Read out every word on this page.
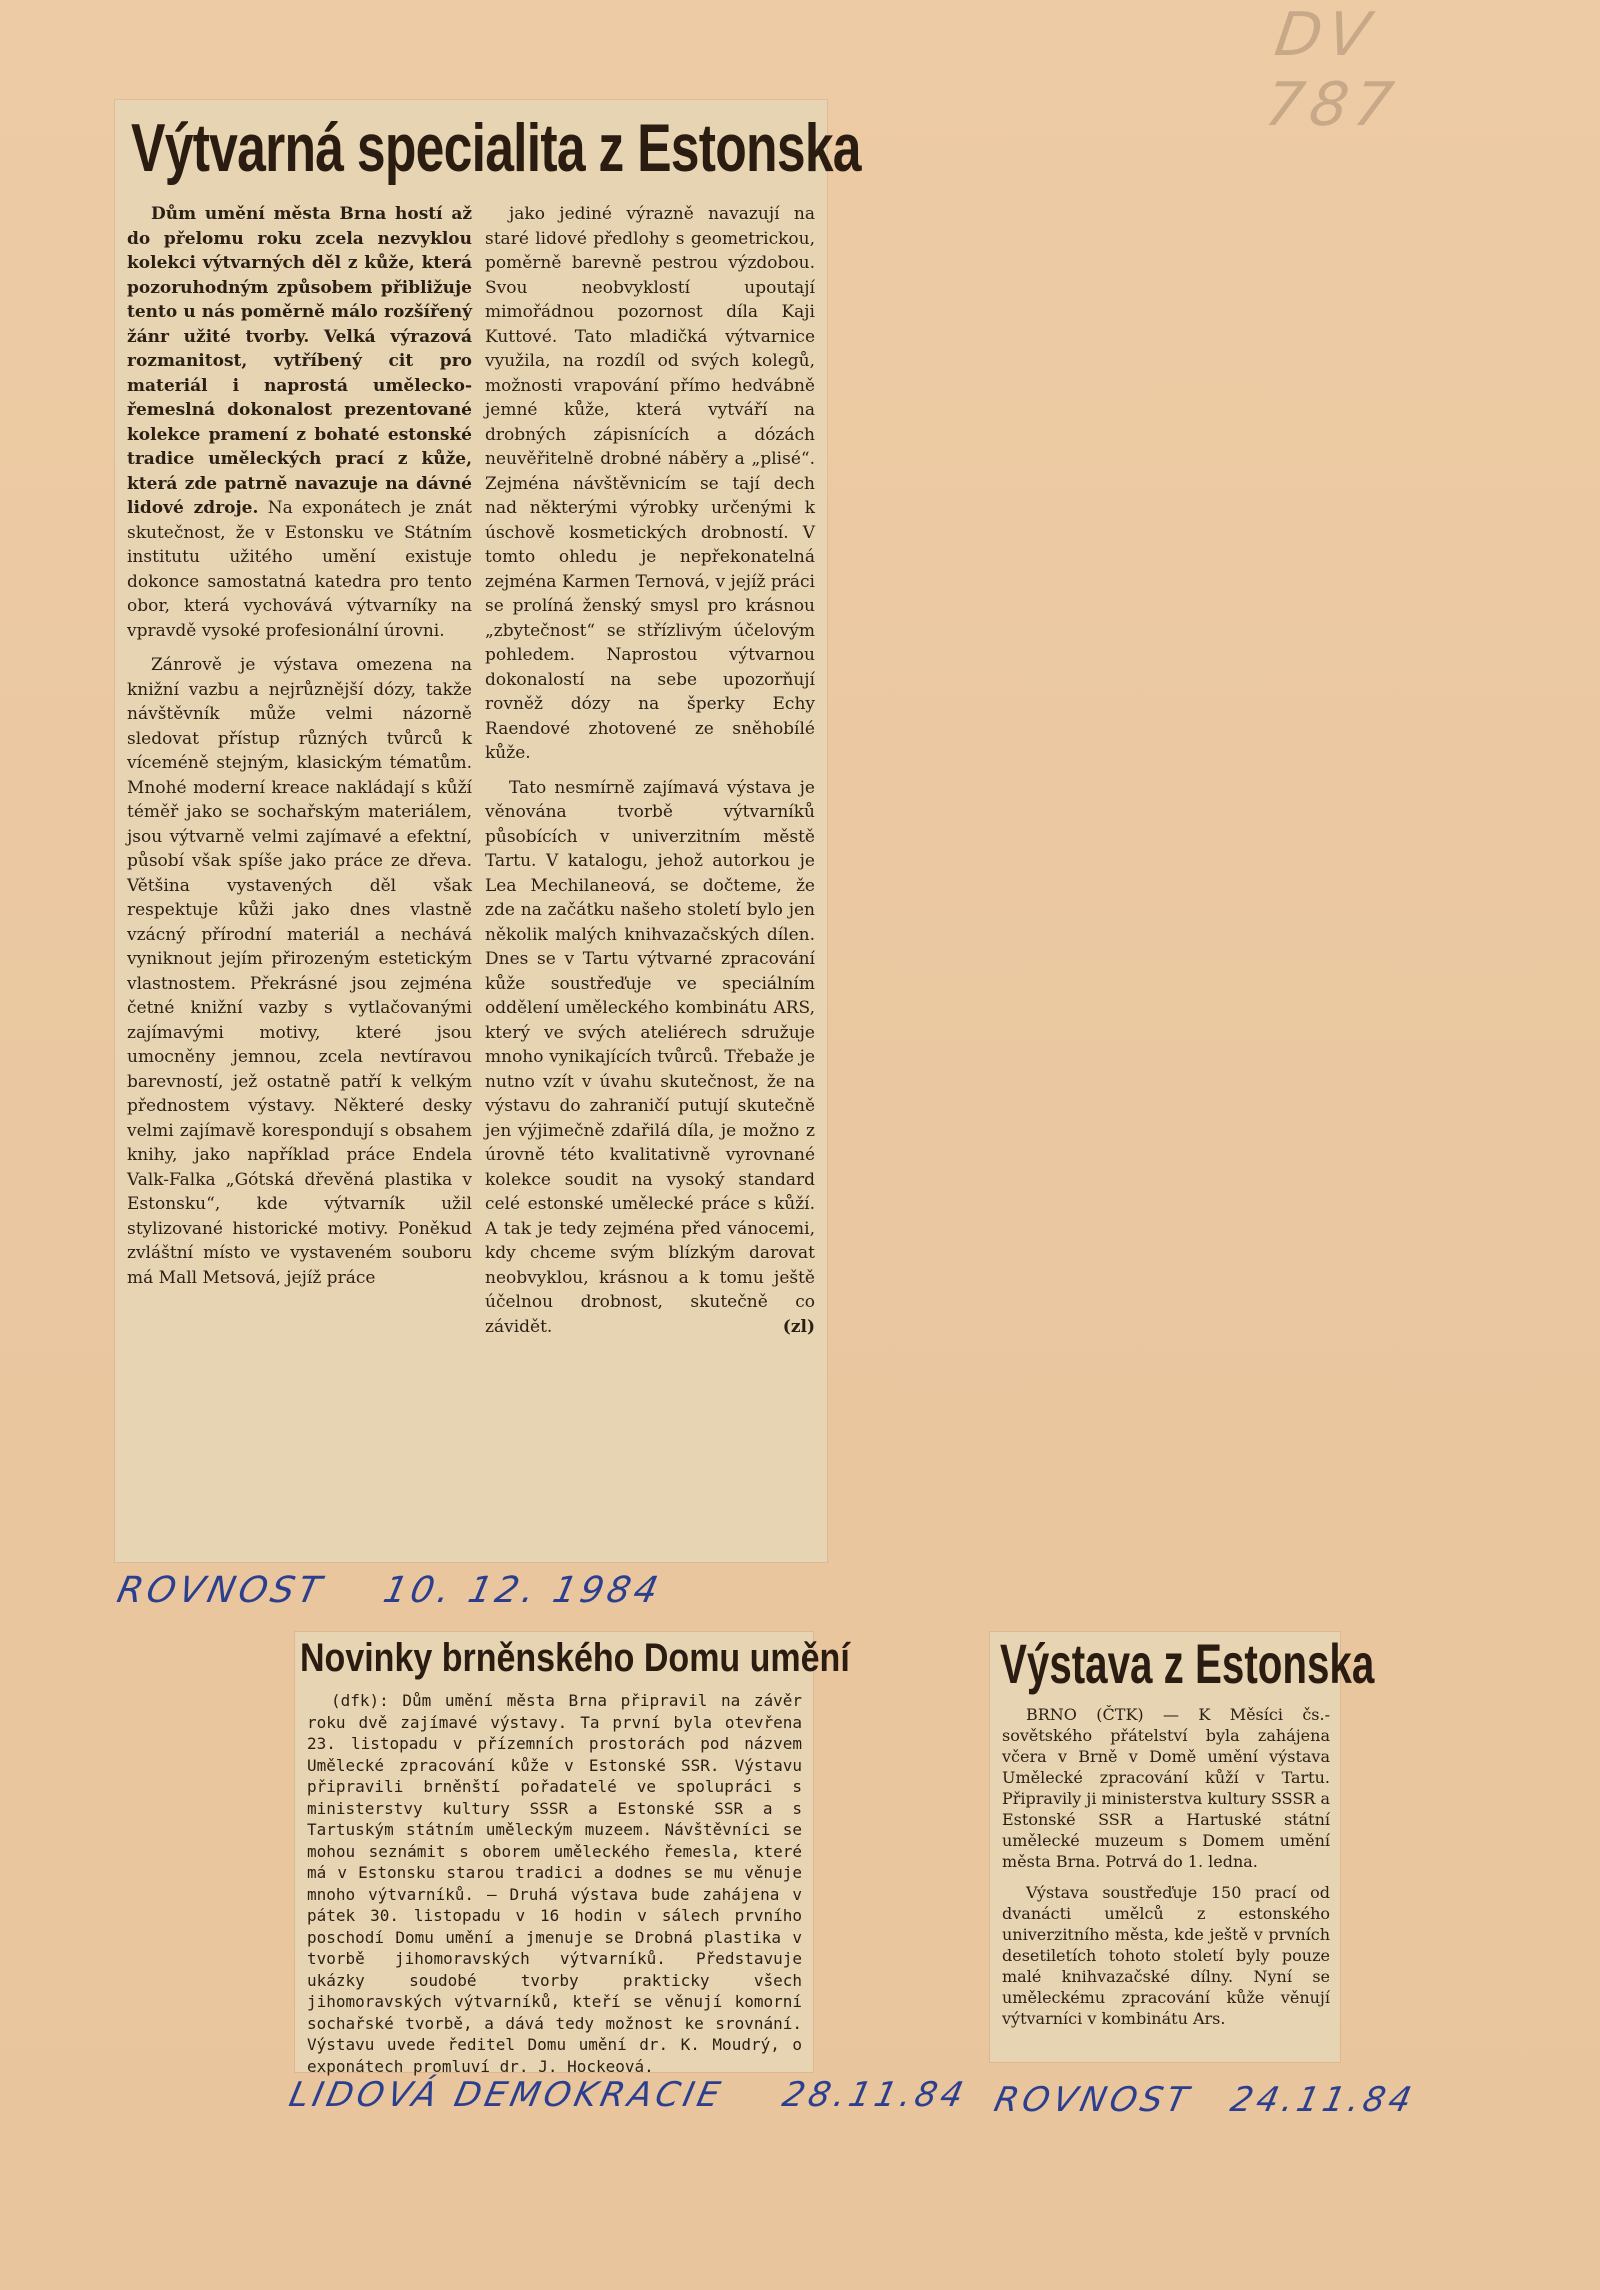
DV 787
Výtvarná specialita z Estonska

Dům umění města Brna hostí až do přelomu roku zcela nezvyklou kolekci výtvarných děl z kůže, která pozoruhodným způsobem přibližuje tento u nás poměrně málo rozšířený žánr užité tvorby. Velká výrazová rozmanitost, vytříbený cit pro materiál i naprostá umělecko-řemeslná dokonalost prezentované kolekce pramení z bohaté estonské tradice uměleckých prací z kůže, která zde patrně navazuje na dávné lidové zdroje. Na exponátech je znát skutečnost, že v Estonsku ve Státním institutu užitého umění existuje dokonce samostatná katedra pro tento obor, která vychovává výtvarníky na vpravdě vysoké profesionální úrovni.

Zánrově je výstava omezena na knižní vazbu a nejrůznější dózy, takže návštěvník může velmi názorně sledovat přístup různých tvůrců k víceméně stejným, klasickým tématům. Mnohé moderní kreace nakládají s kůží téměř jako se sochařským materiálem, jsou výtvarně velmi zajímavé a efektní, působí však spíše jako práce ze dřeva. Většina vystavených děl však respektuje kůži jako dnes vlastně vzácný přírodní materiál a nechává vyniknout jejím přirozeným estetickým vlastnostem. Překrásné jsou zejména četné knižní vazby s vytlačovanými zajímavými motivy, které jsou umocněny jemnou, zcela nevtíravou barevností, jež ostatně patří k velkým přednostem výstavy. Některé desky velmi zajímavě korespondují s obsahem knihy, jako například práce Endela Valk-Falka „Gótská dřevěná plastika v Estonsku“, kde výtvarník užil stylizované historické motivy. Poněkud zvláštní místo ve vystaveném souboru má Mall Metsová, jejíž práce

jako jediné výrazně navazují na staré lidové předlohy s geometrickou, poměrně barevně pestrou výzdobou. Svou neobvyklostí upoutají mimořádnou pozornost díla Kaji Kuttové. Tato mladičká výtvarnice využila, na rozdíl od svých kolegů, možnosti vrapování přímo hedvábně jemné kůže, která vytváří na drobných zápisnících a dózách neuvěřitelně drobné náběry a „plisé“. Zejména návštěvnicím se tají dech nad některými výrobky určenými k úschově kosmetických drobností. V tomto ohledu je nepřekonatelná zejména Karmen Ternová, v jejíž práci se prolíná ženský smysl pro krásnou „zbytečnost“ se střízlivým účelovým pohledem. Naprostou výtvarnou dokonalostí na sebe upozorňují rovněž dózy na šperky Echy Raendové zhotovené ze sněhobílé kůže.

Tato nesmírně zajímavá výstava je věnována tvorbě výtvarníků působících v univerzitním městě Tartu. V katalogu, jehož autorkou je Lea Mechilaneová, se dočteme, že zde na začátku našeho století bylo jen několik malých knihvazačských dílen. Dnes se v Tartu výtvarné zpracování kůže soustřeďuje ve speciálním oddělení uměleckého kombinátu ARS, který ve svých ateliérech sdružuje mnoho vynikajících tvůrců. Třebaže je nutno vzít v úvahu skutečnost, že na výstavu do zahraničí putují skutečně jen výjimečně zdařilá díla, je možno z úrovně této kvalitativně vyrovnané kolekce soudit na vysoký standard celé estonské umělecké práce s kůží. A tak je tedy zejména před vánocemi, kdy chceme svým blízkým darovat neobvyklou, krásnou a k tomu ještě účelnou drobnost, skutečně co závidět.	(zl)

ROVNOST 10. 12. 1984
Novinky brněnského Domu umění

(dfk): Dům umění města Brna připravil na závěr roku dvě zajímavé výstavy. Ta první byla otevřena 23. listopadu v přízemních prostorách pod názvem Umělecké zpracování kůže v Estonské SSR. Výstavu připravili brněnští pořadatelé ve spolupráci s ministerstvy kultury SSSR a Estonské SSR a s Tartuským státním uměleckým muzeem. Návštěvníci se mohou seznámit s oborem uměleckého řemesla, které má v Estonsku starou tradici a dodnes se mu věnuje mnoho výtvarníků. — Druhá výstava bude zahájena v pátek 30. listopadu v 16 hodin v sálech prvního poschodí Domu umění a jmenuje se Drobná plastika v tvorbě jihomoravských výtvarníků. Představuje ukázky soudobé tvorby prakticky všech jihomoravských výtvarníků, kteří se věnují komorní sochařské tvorbě, a dává tedy možnost ke srovnání. Výstavu uvede ředitel Domu umění dr. K. Moudrý, o exponátech promluví dr. J. Hockeová.

LIDOVÁ DEMOKRACIE 28.11.84
Výstava z Estonska

BRNO (ČTK) — K Měsíci čs.-sovětského přátelství byla zahájena včera v Brně v Domě umění výstava Umělecké zpracování kůží v Tartu. Připravily ji ministerstva kultury SSSR a Estonské SSR a Hartuské státní umělecké muzeum s Domem umění města Brna. Potrvá do 1. ledna.

Výstava soustřeďuje 150 prací od dvanácti umělců z estonského univerzitního města, kde ještě v prvních desetiletích tohoto století byly pouze malé knihvazačské dílny. Nyní se uměleckému zpracování kůže věnují výtvarníci v kombinátu Ars.

ROVNOST 24.11.84
